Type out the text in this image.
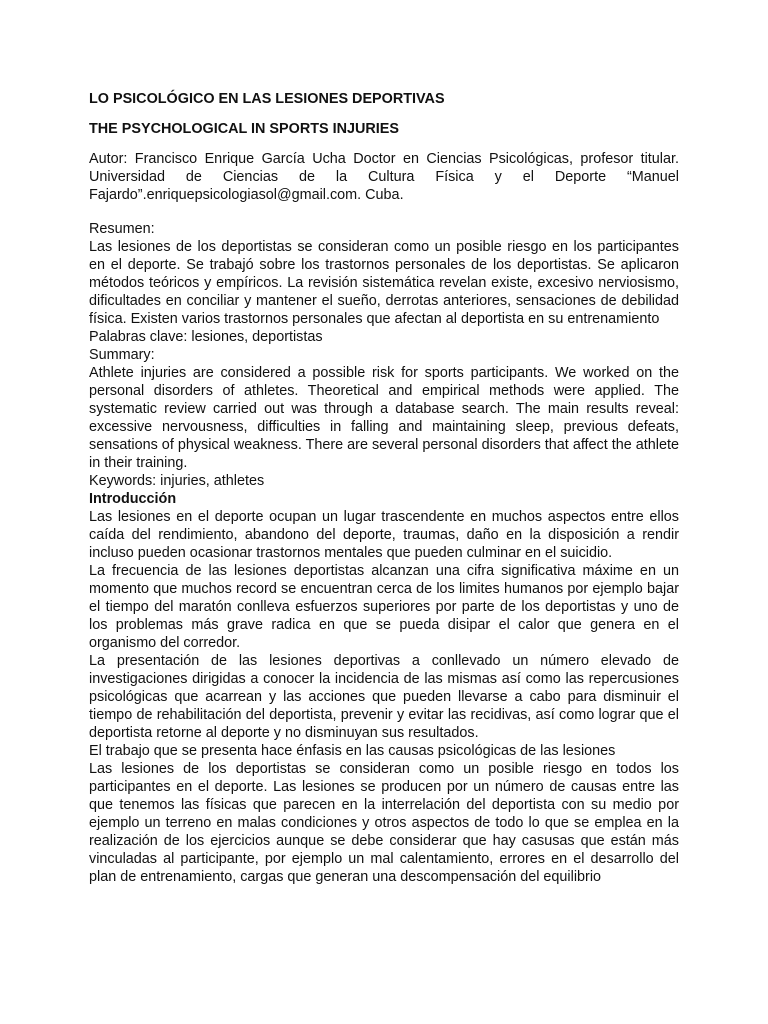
LO PSICOLÓGICO EN LAS LESIONES DEPORTIVAS
THE PSYCHOLOGICAL IN SPORTS INJURIES

Autor: Francisco Enrique García Ucha Doctor en Ciencias Psicológicas, profesor titular. Universidad de Ciencias de la Cultura Física y el Deporte “Manuel Fajardo”.enriquepsicologiasol@gmail.com. Cuba.

Resumen:

Las lesiones de los deportistas se consideran como un posible riesgo en los participantes en el deporte. Se trabajó sobre los trastornos personales de los deportistas. Se aplicaron métodos teóricos y empíricos. La revisión sistemática revelan existe, excesivo nerviosismo, dificultades en conciliar y mantener el sueño, derrotas anteriores, sensaciones de debilidad física. Existen varios trastornos personales que afectan al deportista en su entrenamiento

Palabras clave: lesiones, deportistas

Summary:

Athlete injuries are considered a possible risk for sports participants. We worked on the personal disorders of athletes. Theoretical and empirical methods were applied. The systematic review carried out was through a database search. The main results reveal: excessive nervousness, difficulties in falling and maintaining sleep, previous defeats, sensations of physical weakness. There are several personal disorders that affect the athlete in their training.

Keywords: injuries, athletes

Introducción

Las lesiones en el deporte ocupan un lugar trascendente en muchos aspectos entre ellos caída del rendimiento, abandono del deporte, traumas, daño en la disposición a rendir incluso pueden ocasionar trastornos mentales que pueden culminar en el suicidio.

La frecuencia de las lesiones deportistas alcanzan una cifra significativa máxime en un momento que muchos record se encuentran cerca de los limites humanos por ejemplo bajar el tiempo del maratón conlleva esfuerzos superiores por parte de los deportistas y uno de los problemas más grave radica en que se pueda disipar el calor que genera en el organismo del corredor.

La presentación de las lesiones deportivas a conllevado un número elevado de investigaciones dirigidas a conocer la incidencia de las mismas así como las repercusiones psicológicas que acarrean y las acciones que pueden llevarse a cabo para disminuir el tiempo de rehabilitación del deportista, prevenir y evitar las recidivas, así como lograr que el deportista retorne al deporte y no disminuyan sus resultados.

El trabajo que se presenta hace énfasis en las causas psicológicas de las lesiones

Las lesiones de los deportistas se consideran como un posible riesgo en todos los participantes en el deporte. Las lesiones se producen por un número de causas entre las que tenemos las físicas que parecen en la interrelación del deportista con su medio por ejemplo un terreno en malas condiciones y otros aspectos de todo lo que se emplea en la realización de los ejercicios aunque se debe considerar que hay casusas que están más vinculadas al participante, por ejemplo un mal calentamiento, errores en el desarrollo del plan de entrenamiento, cargas que generan una descompensación del equilibrio
